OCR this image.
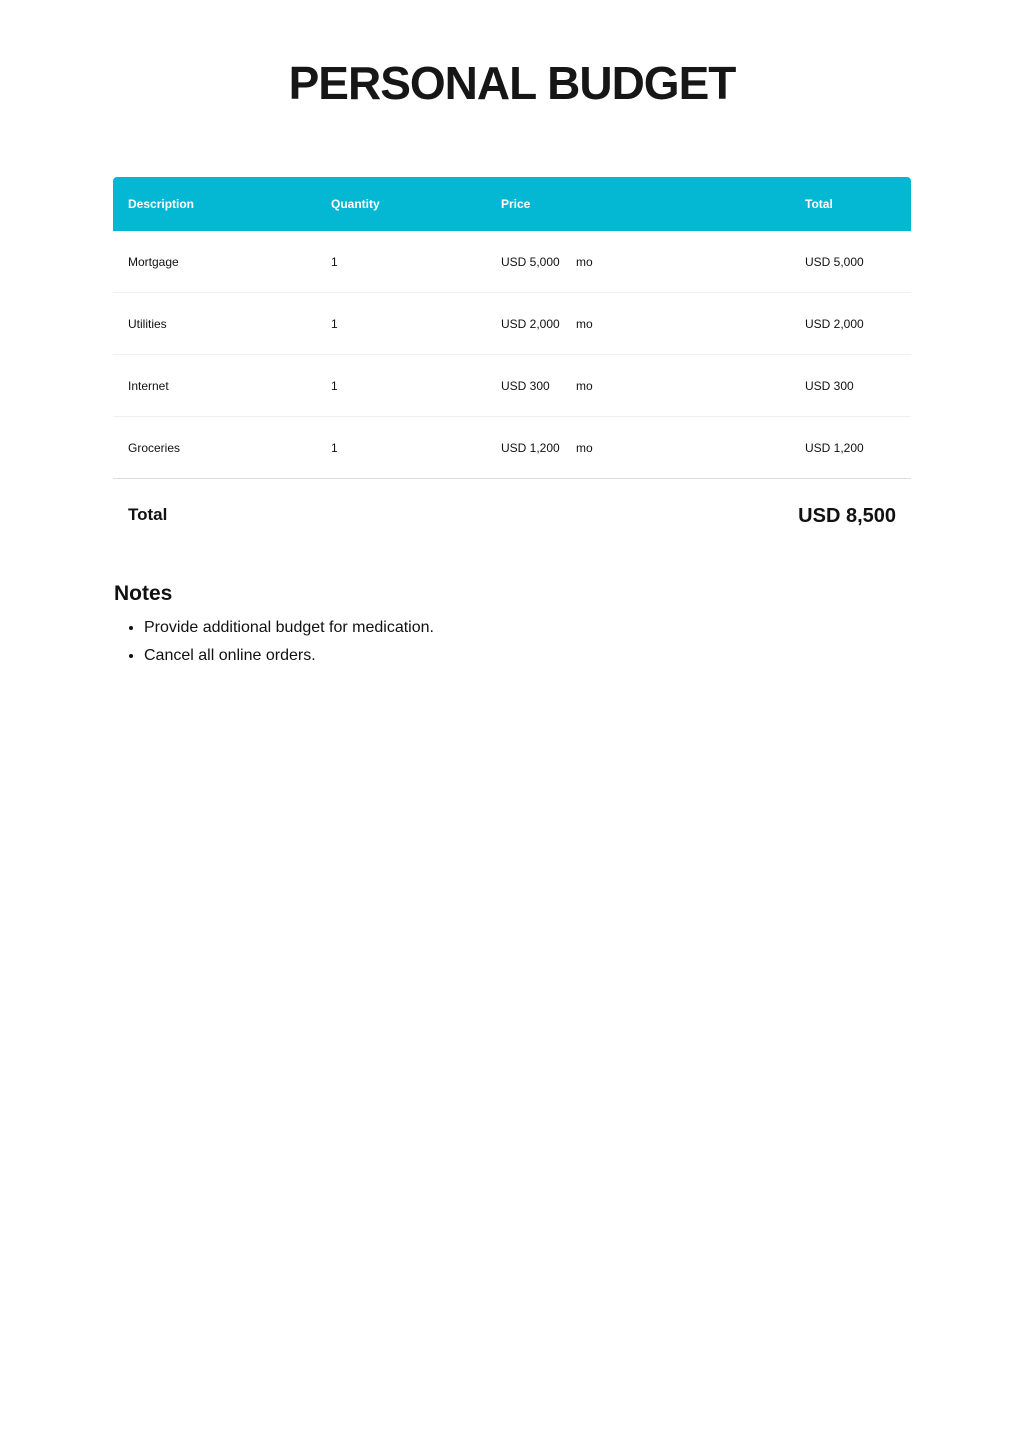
PERSONAL BUDGET
Description	Quantity	Price	Total
Mortgage	1	USD 5,000 mo	USD 5,000
Utilities	1	USD 2,000 mo	USD 2,000
Internet	1	USD 300 mo	USD 300
Groceries	1	USD 1,200 mo	USD 1,200
Total	USD 8,500
Notes
• Provide additional budget for medication.
• Cancel all online orders.
